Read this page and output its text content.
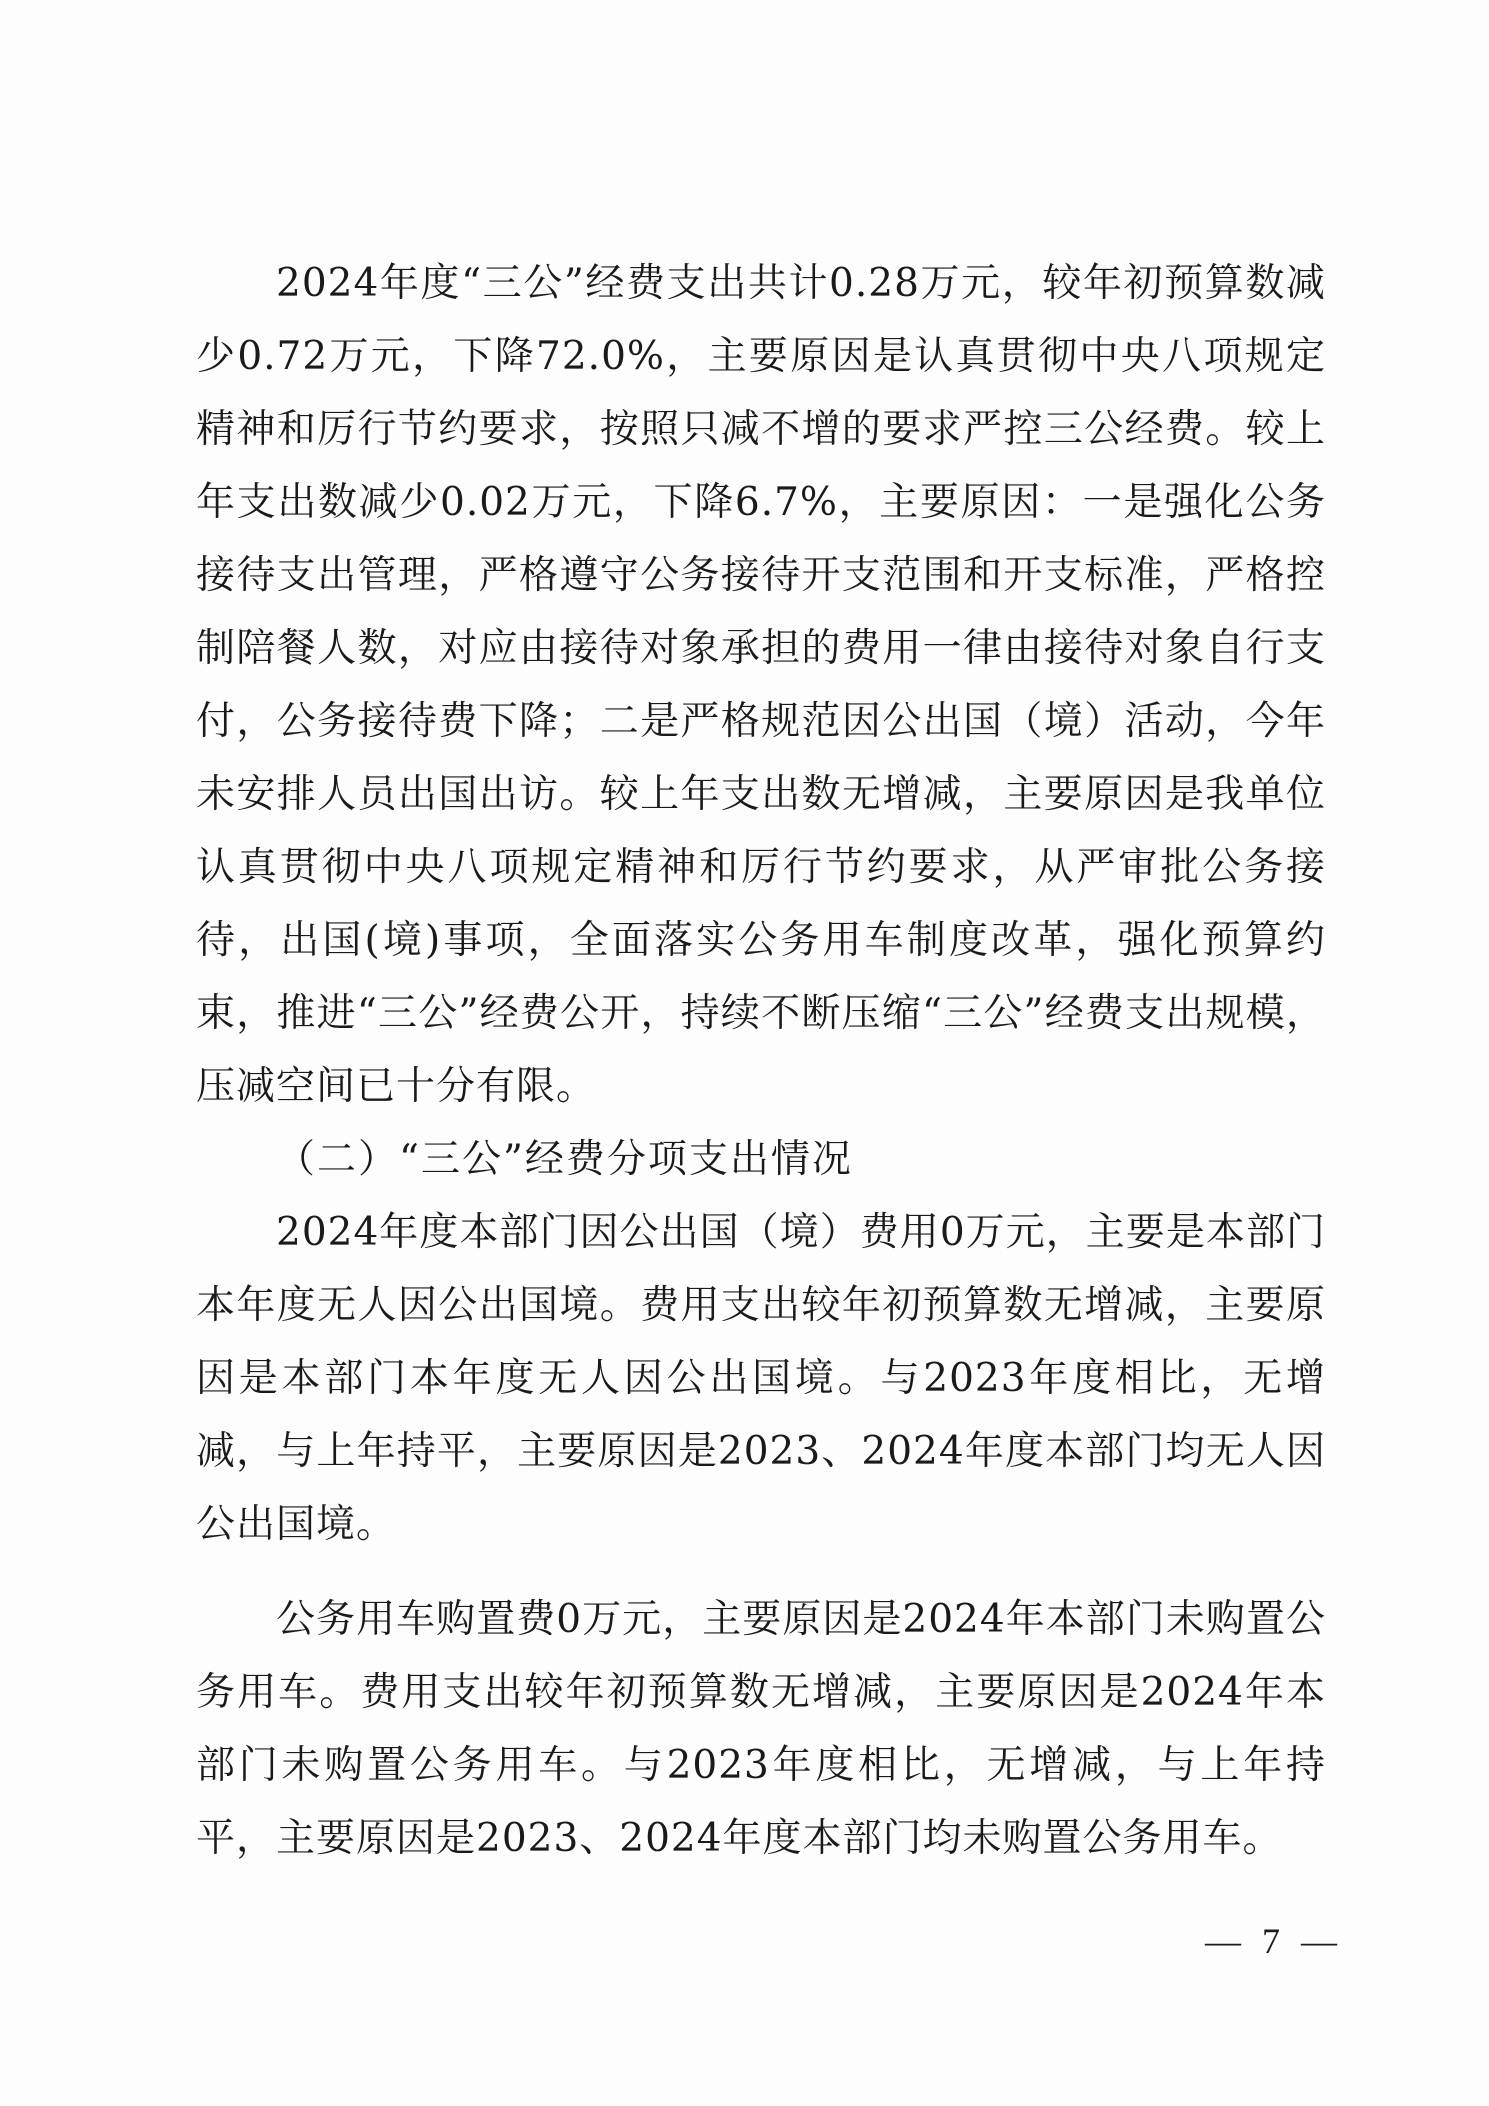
2024年度“三公”经费支出共计0.28万元，较年初预算数减少0.72万元，下降72.0%，主要原因是认真贯彻中央八项规定精神和厉行节约要求，按照只减不增的要求严控三公经费。较上年支出数减少0.02万元，下降6.7%，主要原因：一是强化公务接待支出管理，严格遵守公务接待开支范围和开支标准，严格控制陪餐人数，对应由接待对象承担的费用一律由接待对象自行支付，公务接待费下降；二是严格规范因公出国（境）活动，今年未安排人员出国出访。较上年支出数无增减，主要原因是我单位认真贯彻中央八项规定精神和厉行节约要求，从严审批公务接待，出国(境)事项，全面落实公务用车制度改革，强化预算约束，推进“三公”经费公开，持续不断压缩“三公”经费支出规模，压减空间已十分有限。

（二）“三公”经费分项支出情况

2024年度本部门因公出国（境）费用0万元，主要是本部门本年度无人因公出国境。费用支出较年初预算数无增减，主要原因是本部门本年度无人因公出国境。与2023年度相比，无增减，与上年持平，主要原因是2023、2024年度本部门均无人因公出国境。

公务用车购置费0万元，主要原因是2024年本部门未购置公务用车。费用支出较年初预算数无增减，主要原因是2024年本部门未购置公务用车。与2023年度相比，无增减，与上年持平，主要原因是2023、2024年度本部门均未购置公务用车。

— 7 —
